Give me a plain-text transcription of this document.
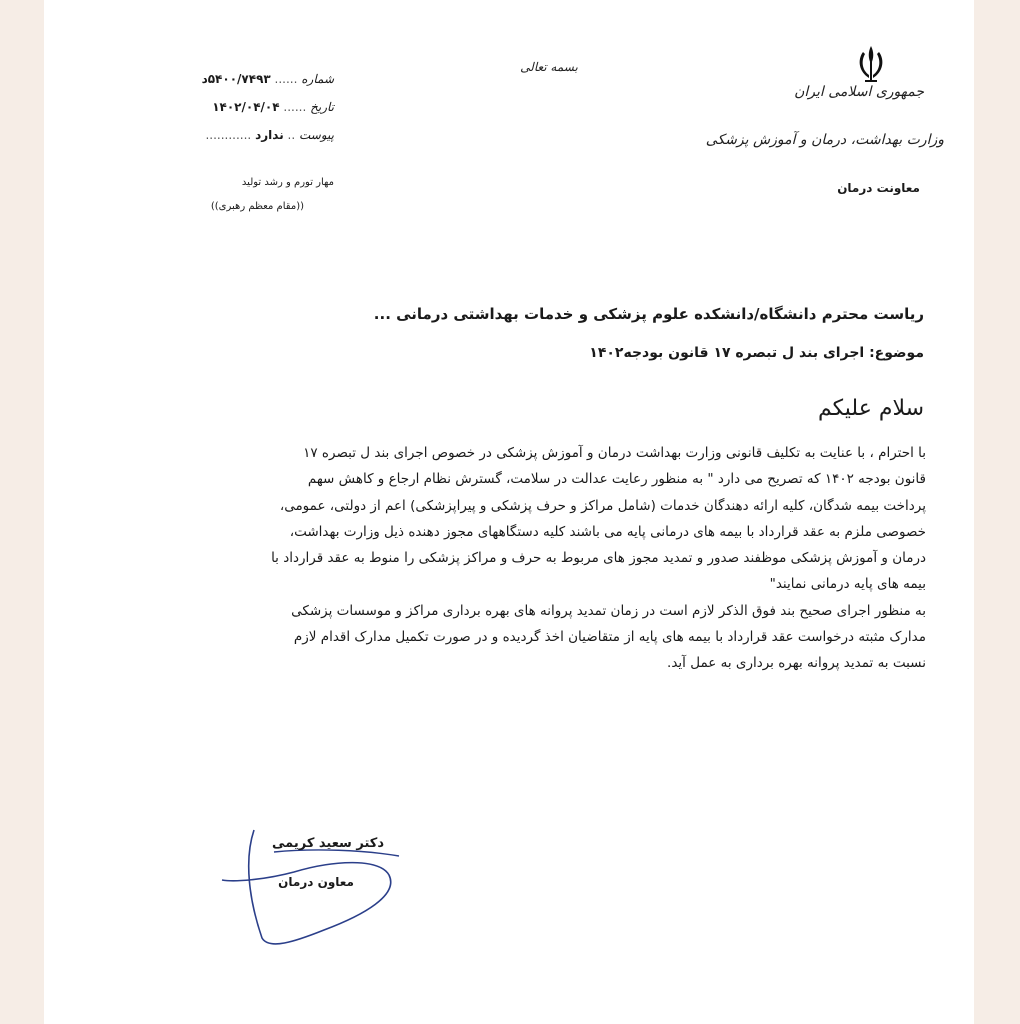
جمهوری اسلامی ایران
وزارت بهداشت، درمان و آموزش پزشکی
معاونت درمان
بسمه تعالی
شماره ...... ۵۴۰۰/۷۴۹۳د
تاریخ ...... ۱۴۰۲/۰۴/۰۴
پیوست .. ندارد ............
مهار تورم و رشد تولید
((مقام معظم رهبری))
ریاست محترم دانشگاه/دانشکده علوم پزشکی و خدمات بهداشتی درمانی ...
موضوع: اجرای بند ل تبصره ۱۷ قانون بودجه۱۴۰۲
سلام علیکم

با احترام ، با عنایت به تکلیف قانونی وزارت بهداشت درمان و آموزش پزشکی در خصوص اجرای بند ل تبصره ۱۷

قانون بودجه ۱۴۰۲ که تصریح می دارد " به منظور رعایت عدالت در سلامت، گسترش نظام ارجاع و کاهش سهم

پرداخت بیمه شدگان، کلیه ارائه دهندگان خدمات (شامل مراکز و حرف پزشکی و پیراپزشکی) اعم از دولتی، عمومی،

خصوصی ملزم به عقد قرارداد با بیمه های درمانی پایه می باشند کلیه دستگاههای مجوز دهنده ذیل وزارت بهداشت،

درمان و آموزش پزشکی موظفند صدور و تمدید مجوز های مربوط به حرف و مراکز پزشکی را منوط به عقد قرارداد با

بیمه های پایه درمانی نمایند"

به منظور اجرای صحیح بند فوق الذکر لازم است در زمان تمدید پروانه های بهره برداری مراکز و موسسات پزشکی

مدارک مثبته درخواست عقد قرارداد با بیمه های پایه از متقاضیان اخذ گردیده و در صورت تکمیل مدارک اقدام لازم

نسبت به تمدید پروانه بهره برداری به عمل آید.

دکتر سعید کریمی
معاون درمان
